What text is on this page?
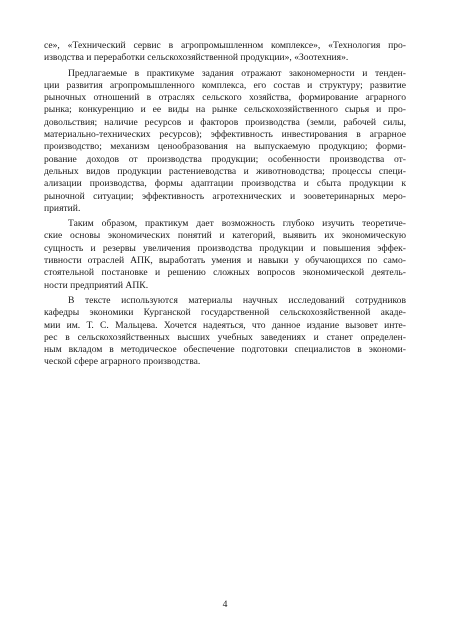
се», «Технический сервис в агропромышленном комплексе», «Технология про-
изводства и переработки сельскохозяйственной продукции», «Зоотехния».
Предлагаемые в практикуме задания отражают закономерности и тенден-
ции развития агропромышленного комплекса, его состав и структуру; развитие
рыночных отношений в отраслях сельского хозяйства, формирование аграрного
рынка; конкуренцию и ее виды на рынке сельскохозяйственного сырья и про-
довольствия; наличие ресурсов и факторов производства (земли, рабочей силы,
материально-технических ресурсов); эффективность инвестирования в аграрное
производство; механизм ценообразования на выпускаемую продукцию; форми-
рование доходов от производства продукции; особенности производства от-
дельных видов продукции растениеводства и животноводства; процессы специ-
ализации производства, формы адаптации производства и сбыта продукции к
рыночной ситуации; эффективность агротехнических и зооветеринарных меро-
приятий.
Таким образом, практикум дает возможность глубоко изучить теоретиче-
ские основы экономических понятий и категорий, выявить их экономическую
сущность и резервы увеличения производства продукции и повышения эффек-
тивности отраслей АПК, выработать умения и навыки у обучающихся по само-
стоятельной постановке и решению сложных вопросов экономической деятель-
ности предприятий АПК.
В тексте используются материалы научных исследований сотрудников
кафедры экономики Курганской государственной сельскохозяйственной акаде-
мии им. Т. С. Мальцева. Хочется надеяться, что данное издание вызовет инте-
рес в сельскохозяйственных высших учебных заведениях и станет определен-
ным вкладом в методическое обеспечение подготовки специалистов в экономи-
ческой сфере аграрного производства.
4
